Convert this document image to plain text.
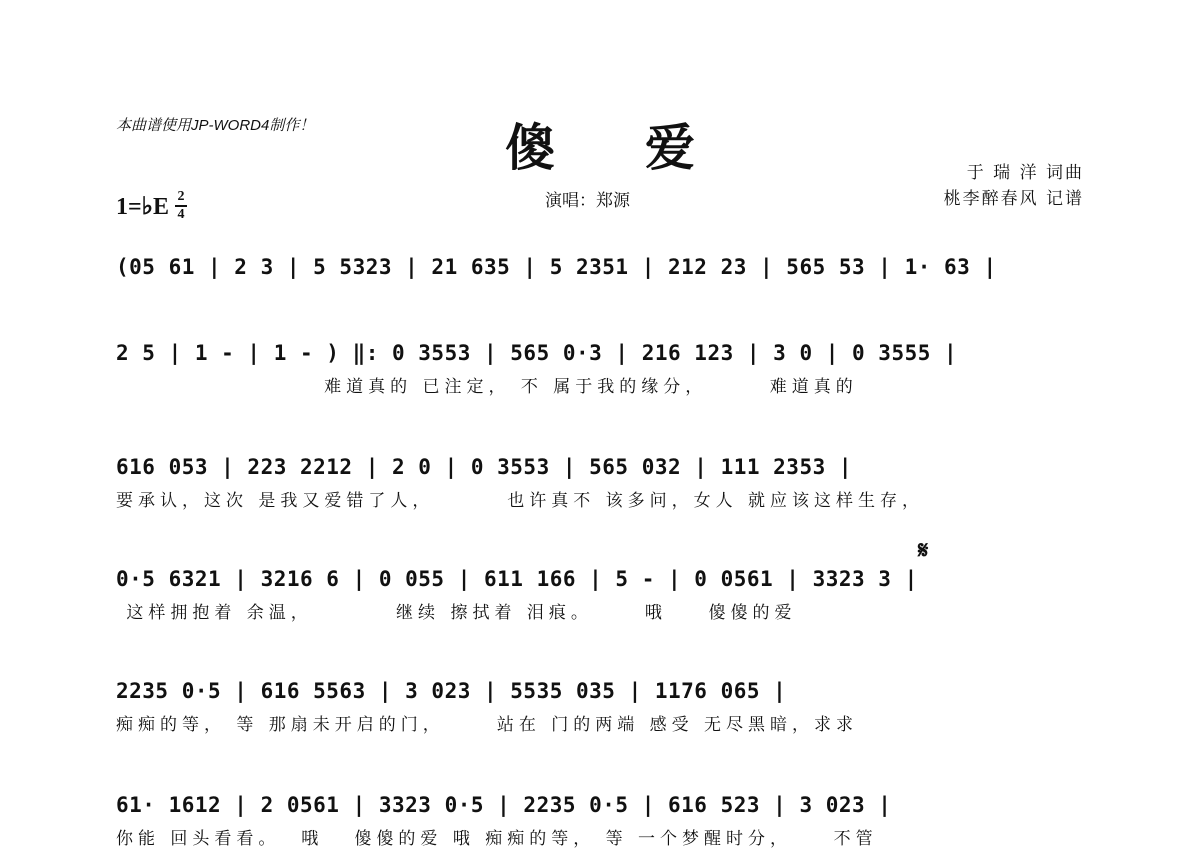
本曲谱使用JP-WORD4制作！	傻爱	于 瑞 洋 词曲
桃李醉春风 记谱
演唱：郑源
1=♭E 2
4
(05 61 | 2 3 | 5 5323 | 21 635 | 5 2351 | 212 23 | 565 53 | 1· 63 |
2 5 | 1 - | 1 - ) ‖: 0 3553 | 565 0·3 | 216 123 | 3 0 | 0 3555 |
难道真的 已注定， 不 属于我的缘分，      难道真的
616 053 | 223 2212 | 2 0 | 0 3553 | 565 032 | 111 2353 |
要承认，这次 是我又爱错了人，       也许真不 该多问，女人 就应该这样生存，
𝄋
0·5 6321 | 3216 6 | 0 055 | 611 166 | 5 - | 0 0561 | 3323 3 |
这样拥抱着 余温，        继续 擦拭着 泪痕。     哦    傻傻的爱
2235 0·5 | 616 5563 | 3 023 | 5535 035 | 1176 065 |
痴痴的等， 等 那扇未开启的门，     站在 门的两端 感受 无尽黑暗，求求
61· 1612 | 2 0561 | 3323 0·5 | 2235 0·5 | 616 523 | 3 023 |
你能 回头看看。  哦   傻傻的爱 哦 痴痴的等， 等 一个梦醒时分，    不管
